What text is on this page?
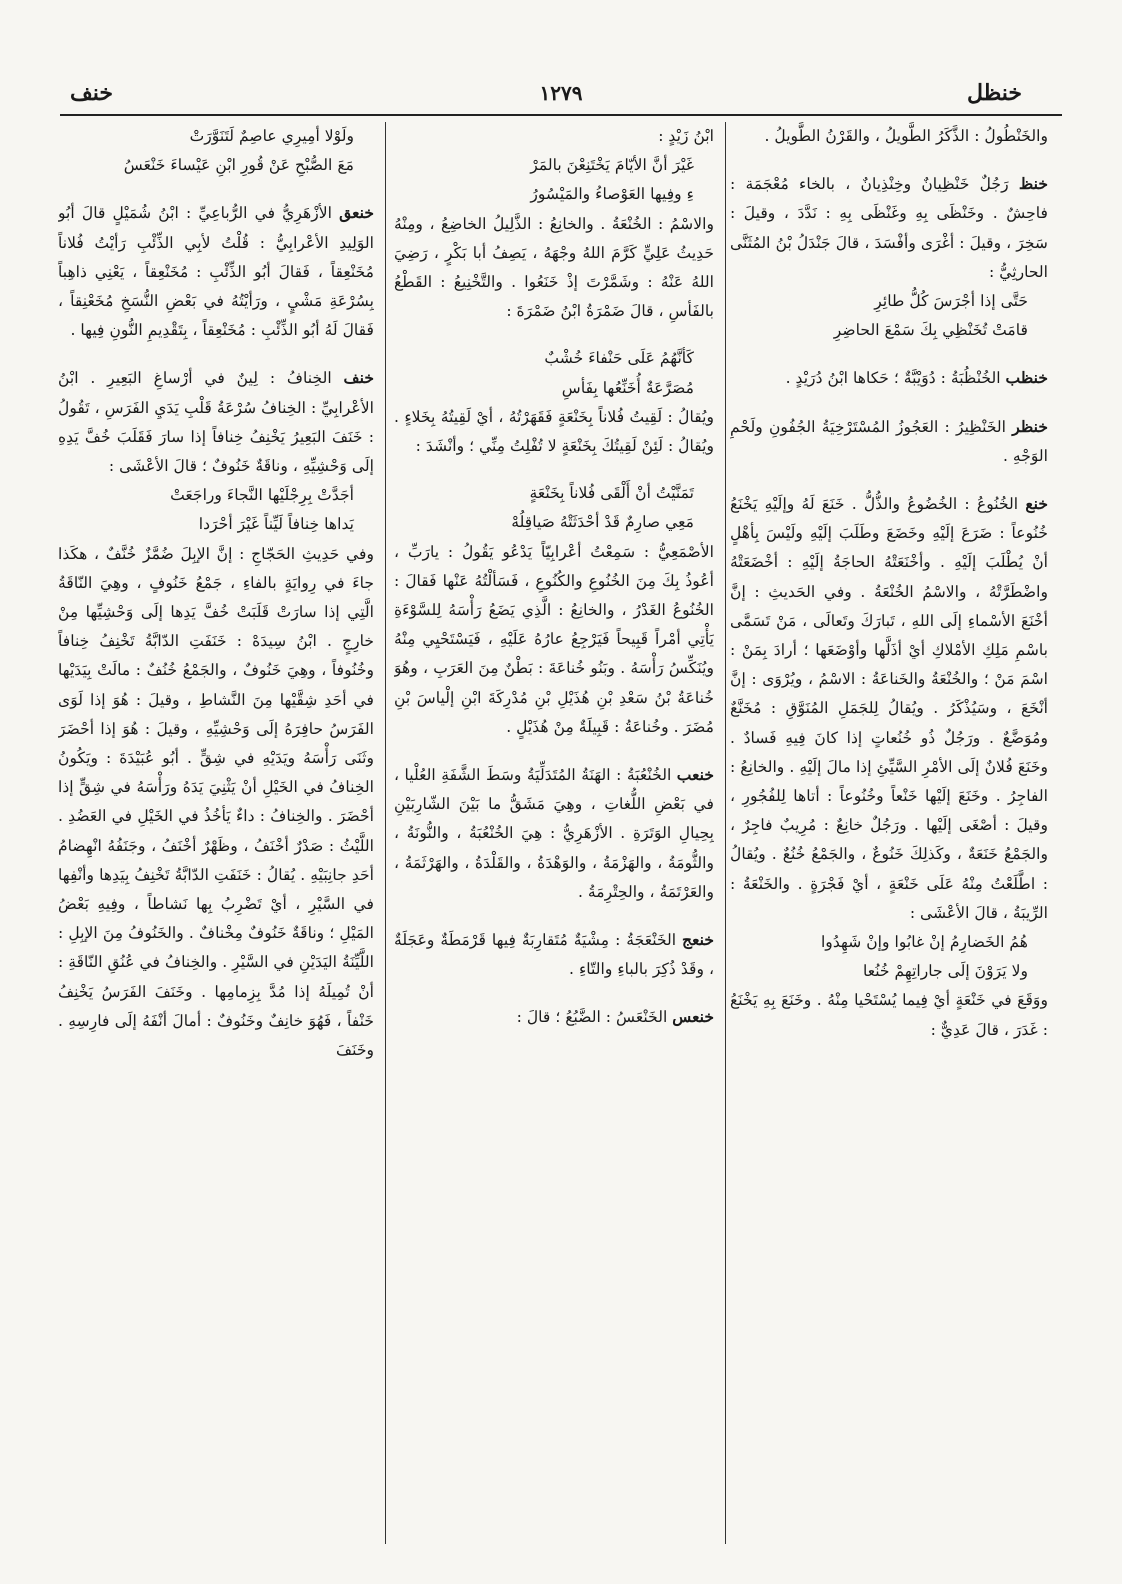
خنظل
١٢٧٩
خنف

والخَنْطُولُ : الذَّكَرُ الطَّويلُ ، والقَرْنُ الطَّويلُ .

خنظ رَجُلٌ خَنْظِيانٌ وخِنْذِيانٌ ، بالخاء مُعْجَمَة : فاحِشٌ . وخَنْظَى بِهِ وغَنْظَى بِهِ : نَدَّدَ ، وقيلَ : سَخِرَ ، وقيلَ : أغْرَى وأفْسَدَ ، قالَ جَنْدَلُ بْنُ المُثَنَّى الحارثِيُّ :

حَتَّى إذا أجْرَسَ كُلُّ طائِرِ

قامَتْ تُخَنْظِي بِكَ سَمْعَ الحاضِرِ

خنظب الخُنْظُبَةُ : دُوَيْبَّةٌ ؛ حَكاها ابْنُ دُرَيْدٍ .

خنظر الخَنْظِيرُ : العَجُوزُ المُسْتَرْخِيَةُ الجُفُونِ ولَحْمِ الوَجْهِ .

خنع الخُنُوعُ : الخُضُوعُ والذُّلُّ . خَنَعَ لَهُ وإلَيْهِ يَخْنَعُ خُنُوعاً : ضَرَعَ إلَيْهِ وخَضَعَ وطَلَبَ إلَيْهِ ولَيْسَ بِأهْلٍ أنْ يُطْلَبَ إلَيْهِ . وأخْنَعَتْهُ الحاجَةُ إلَيْهِ : أخْضَعَتْهُ واضْطَرَّتْهُ ، والاسْمُ الخُنْعَةُ . وفي الحَديثِ : إنَّ أخْنَعَ الأسْماءِ إلَى اللهِ ، تَبارَكَ وتَعالَى ، مَنْ تَسَمَّى باسْمِ مَلِكِ الأمْلاكِ أيْ أذَلَّها وأوْضَعَها ؛ أرادَ بِمَنْ : اسْمَ مَنْ ؛ والخُنْعَةُ والخَناعَةُ : الاسْمُ ، ويُرْوَى : إنَّ أنْخَعَ ، وسَيُذْكَرُ . ويُقالُ لِلجَمَلِ المُنَوَّقِ : مُخَنَّعٌ ومُوَضَّعٌ . ورَجُلٌ ذُو خُنُعاتٍ إذا كانَ فِيهِ فَسادٌ . وخَنَعَ فُلانٌ إلَى الأمْرِ السَّيِّئِ إذا مالَ إلَيْهِ . والخانِعُ : الفاجِرُ . وخَنَعَ إلَيْها خَنْعاً وخُنُوعاً : أتاها لِلفُجُورِ ، وقيلَ : أصْغَى إلَيْها . ورَجُلٌ خانِعٌ : مُرِيبٌ فاجِرٌ ، والجَمْعُ خَنَعَةٌ ، وكَذلِكَ خَنُوعٌ ، والجَمْعُ خُنُعٌ . ويُقالُ : اطَّلَعْتُ مِنْهُ عَلَى خَنْعَةٍ ، أيْ فَجْرَةٍ . والخَنْعَةُ : الرِّيبَةُ ، قالَ الأعْشَى :

هُمُ الخَضارِمُ إنْ غابُوا وإنْ شَهِدُوا

ولا يَرَوْنَ إلَى جاراتِهِمْ خُنُعا

ووَقَعَ في خَنْعَةٍ أيْ فِيما يُسْتَحْيا مِنْهُ . وخَنَعَ بِهِ يَخْنَعُ : غَدَرَ ، قالَ عَدِيٌّ :

ابْنُ زَيْدٍ :

غَيْرَ أنَّ الأيّامَ يَخْتَنِعْنَ بالمَرْ

ءِ وفِيها العَوْصاءُ والمَيْسُورُ

والاسْمُ : الخُنْعَةُ . والخانِعُ : الذَّلِيلُ الخاضِعُ ، ومِنْهُ حَدِيثُ عَلِيٍّ كَرَّمَ اللهُ وجْهَهُ ، يَصِفُ أبا بَكْرٍ ، رَضِيَ اللهُ عَنْهُ : وشَمَّرْتَ إذْ خَنَعُوا . والتَّخْنِيعُ : القَطْعُ بالفَأسِ ، قالَ ضَمْرَةُ ابْنُ ضَمْرَةَ :

كَأنَّهُمُ عَلَى حَنْفاءَ خُشْبٌ

مُصَرَّعَةٌ أُخَنِّعُها بِفَأسِ

ويُقالُ : لَقِيتُ فُلاناً بِخَنْعَةٍ فَقَهَرْتُهُ ، أيْ لَقِيتُهُ بِخَلاءٍ . ويُقالُ : لَئِنْ لَقِيتُكَ بِخَنْعَةٍ لا تُفْلِتُ مِنِّي ؛ وأنْشَدَ :

تَمَنَّيْتُ أنْ أَلْقَى فُلاناً بِخَنْعَةٍ

مَعِي صارِمٌ قَدْ أحْدَثَتْهُ صَياقِلُهْ

الأصْمَعِيُّ : سَمِعْتُ أعْرابِيّاً يَدْعُو يَقُولُ : يارَبِّ ، أعُوذُ بِكَ مِنَ الخُنُوعِ والكُنُوعِ ، فَسَألْتُهُ عَنْها فَقالَ : الخُنُوعُ الغَدْرُ ، والخانِعُ : الَّذِي يَضَعُ رَأْسَهُ لِلسَّوْءَةِ يَأْتِي أمْراً قَبِيحاً فَيَرْجِعُ عارُهُ عَلَيْهِ ، فَيَسْتَحْيِي مِنْهُ ويُنَكِّسُ رَأْسَهُ . وبَنُو خُناعَةَ : بَطْنٌ مِنَ العَرَبِ ، وهُوَ خُناعَةُ بْنُ سَعْدِ بْنِ هُذَيْلِ بْنِ مُدْرِكَةَ ابْنِ إلْياسَ بْنِ مُضَرَ . وخُناعَةُ : قَبِيلَةٌ مِنْ هُذَيْلٍ .

خنعب الخُنْعُبَةُ : الهَنَةُ المُتَدَلِّيَةُ وسَطَ الشَّفَةِ العُلْيا ، في بَعْضِ اللُّغاتِ ، وهِيَ مَشَقُّ ما بَيْنَ الشّارِبَيْنِ بِحِيالِ الوَتَرَةِ . الأزْهَرِيُّ : هِيَ الخُنْعُبَةُ ، والنُّونَةُ ، والثُّومَةُ ، والهَزْمَةُ ، والوَهْدَةُ ، والقَلْدَةُ ، والهَرْثَمَةُ ، والعَرْتَمَةُ ، والحِتْرِمَةُ .

خنعج الخَنْعَجَةُ : مِشْيَةٌ مُتَقارِبَةٌ فِيها قَرْمَطَةٌ وعَجَلَةٌ ، وقَدْ ذُكِرَ بالباءِ والتّاءِ .

خنعس الخَنْعَسُ : الضَّبُعُ ؛ قالَ :

ولَوْلا أمِيرِي عاصِمٌ لَتَنَوَّرَتْ

مَعَ الصُّبْحِ عَنْ قُورِ ابْنِ عَيْساءَ خَنْعَسُ

خنعق الأزْهَرِيُّ في الرُّباعِيِّ : ابْنُ شُمَيْلٍ قالَ أبُو الوَلِيدِ الأعْرابِيُّ : قُلْتُ لأبِي الذِّئْبِ رَأيْتُ فُلاناً مُخَنْعِقاً ، فَقالَ أبُو الذِّئْبِ : مُخَنْعِقاً ، يَعْنِي ذاهِباً بِسُرْعَةِ مَشْيٍ ، ورَأيْتُهُ في بَعْضِ النُّسَخِ مُخَعْنِقاً ، فَقالَ لَهُ أبُو الذِّئْبِ : مُخَنْعِقاً ، بِتَقْدِيمِ النُّونِ فِيها .

خنف الخِنافُ : لِينٌ في أرْساغِ البَعِيرِ . ابْنُ الأعْرابِيِّ : الخِنافُ سُرْعَةُ قَلْبِ يَدَيِ الفَرَسِ ، تَقُولُ : خَنَفَ البَعِيرُ يَخْنِفُ خِنافاً إذا سارَ فَقَلَبَ خُفَّ يَدِهِ إلَى وَحْشِيِّهِ ، وناقَةٌ خَنُوفٌ ؛ قالَ الأعْشَى :

أجَدَّتْ بِرِجْلَيْها النَّجاءَ وراجَعَتْ

يَداها خِنافاً لَيِّناً غَيْرَ أحْرَدا

وفي حَدِيثِ الحَجّاجِ : إنَّ الإبِلَ ضُمَّزٌ خُنَّفٌ ، هكَذا جاءَ في رِوايَةٍ بالفاءِ ، جَمْعُ خَنُوفٍ ، وهِيَ النّاقَةُ الَّتِي إذا سارَتْ قَلَبَتْ خُفَّ يَدِها إلَى وَحْشِيِّها مِنْ خارِجٍ . ابْنُ سِيدَهْ : خَنَفَتِ الدّابَّةُ تَخْنِفُ خِنافاً وخُنُوفاً ، وهِيَ خَنُوفٌ ، والجَمْعُ خُنُفٌ : مالَتْ بِيَدَيْها في أحَدِ شِقَّيْها مِنَ النَّشاطِ ، وقيلَ : هُوَ إذا لَوَى الفَرَسُ حافِرَهُ إلَى وَحْشِيِّهِ ، وقيلَ : هُوَ إذا أحْضَرَ وثَنَى رَأْسَهُ ويَدَيْهِ في شِقٍّ . أبُو عُبَيْدَةَ : ويَكُونُ الخِنافُ في الخَيْلِ أنْ يَثْنِيَ يَدَهُ ورَأْسَهُ في شِقٍّ إذا أحْضَرَ . والخِنافُ : داءٌ يَأخُذُ في الخَيْلِ في العَضُدِ . اللَّيْثُ : صَدْرٌ أخْنَفُ ، وظَهْرٌ أخْنَفُ ، وجَنَفُهُ انْهِضامُ أحَدِ جانِبَيْهِ . يُقالُ : خَنَفَتِ الدّابَّةُ تَخْنِفُ بِيَدِها وأنْفِها في السَّيْرِ ، أيْ تَضْرِبُ بِها نَشاطاً ، وفِيهِ بَعْضُ المَيْلِ ؛ وناقَةٌ خَنُوفٌ مِخْنافٌ . والخَنُوفُ مِنَ الإبِلِ : اللَّيِّنَةُ اليَدَيْنِ في السَّيْرِ . والخِنافُ في عُنُقِ النّاقَةِ : أنْ تُمِيلَهُ إذا مُدَّ بِزِمامِها . وخَنَفَ الفَرَسُ يَخْنِفُ خَنْفاً ، فَهُوَ خانِفٌ وخَنُوفٌ : أمالَ أنْفَهُ إلَى فارِسِهِ . وخَنَفَ
